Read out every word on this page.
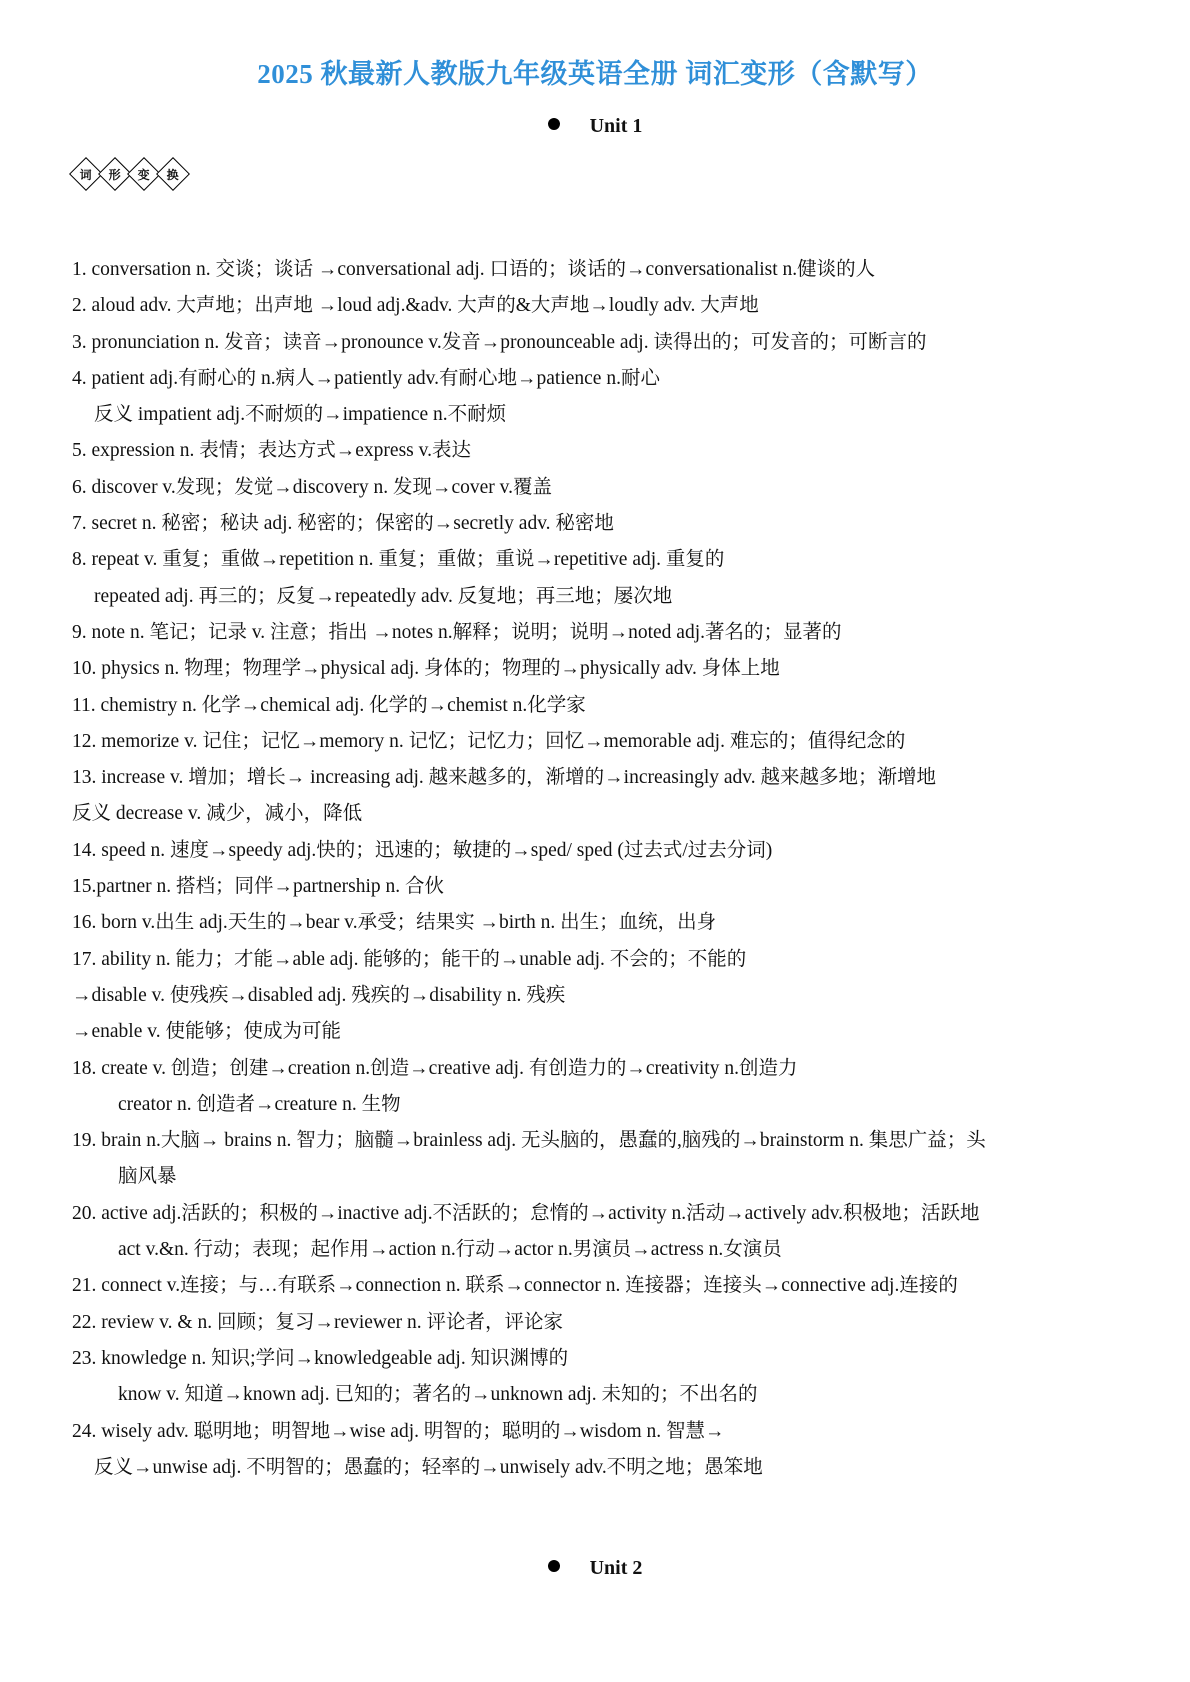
2025 秋最新人教版九年级英语全册 词汇变形（含默写）
Unit 1
词 形 变 换
1. conversation n. 交谈；谈话 →conversational adj. 口语的；谈话的→conversationalist n.健谈的人
2. aloud adv. 大声地；出声地 →loud adj.&adv. 大声的&大声地→loudly adv. 大声地
3. pronunciation n. 发音；读音→pronounce v.发音→pronounceable adj. 读得出的；可发音的；可断言的
4. patient adj.有耐心的 n.病人→patiently adv.有耐心地→patience n.耐心
反义 impatient adj.不耐烦的→impatience n.不耐烦
5. expression n. 表情；表达方式→express v.表达
6. discover v.发现；发觉→discovery n. 发现→cover v.覆盖
7. secret n. 秘密；秘诀 adj. 秘密的；保密的→secretly adv. 秘密地
8. repeat v. 重复；重做→repetition n. 重复；重做；重说→repetitive adj. 重复的
repeated adj. 再三的；反复→repeatedly adv. 反复地；再三地；屡次地
9. note n. 笔记；记录 v. 注意；指出 →notes n.解释；说明；说明→noted adj.著名的；显著的
10. physics n. 物理；物理学→physical adj. 身体的；物理的→physically adv. 身体上地
11. chemistry n. 化学→chemical adj. 化学的→chemist n.化学家
12. memorize v. 记住；记忆→memory n. 记忆；记忆力；回忆→memorable adj. 难忘的；值得纪念的
13. increase v. 增加；增长→ increasing adj. 越来越多的，渐增的→increasingly adv. 越来越多地；渐增地
反义 decrease v. 减少，减小，降低
14. speed n. 速度→speedy adj.快的；迅速的；敏捷的→sped/ sped (过去式/过去分词)
15.partner n. 搭档；同伴→partnership n. 合伙
16. born v.出生 adj.天生的→bear v.承受；结果实 →birth n. 出生；血统，出身
17. ability n. 能力；才能→able adj. 能够的；能干的→unable adj. 不会的；不能的
→disable v. 使残疾→disabled adj. 残疾的→disability n. 残疾
→enable v. 使能够；使成为可能
18. create v. 创造；创建→creation n.创造→creative adj. 有创造力的→creativity n.创造力
creator n. 创造者→creature n. 生物
19. brain n.大脑→ brains n. 智力；脑髓→brainless adj. 无头脑的，愚蠢的,脑残的→brainstorm n. 集思广益；头
脑风暴
20. active adj.活跃的；积极的→inactive adj.不活跃的；怠惰的→activity n.活动→actively adv.积极地；活跃地
act v.&n. 行动；表现；起作用→action n.行动→actor n.男演员→actress n.女演员
21. connect v.连接；与…有联系→connection n. 联系→connector n. 连接器；连接头→connective adj.连接的
22. review v. & n. 回顾；复习→reviewer n. 评论者，评论家
23. knowledge n. 知识;学问→knowledgeable adj. 知识渊博的
know v. 知道→known adj. 已知的；著名的→unknown adj. 未知的；不出名的
24. wisely adv. 聪明地；明智地→wise adj. 明智的；聪明的→wisdom n. 智慧→
反义→unwise adj. 不明智的；愚蠢的；轻率的→unwisely adv.不明之地；愚笨地
Unit 2
